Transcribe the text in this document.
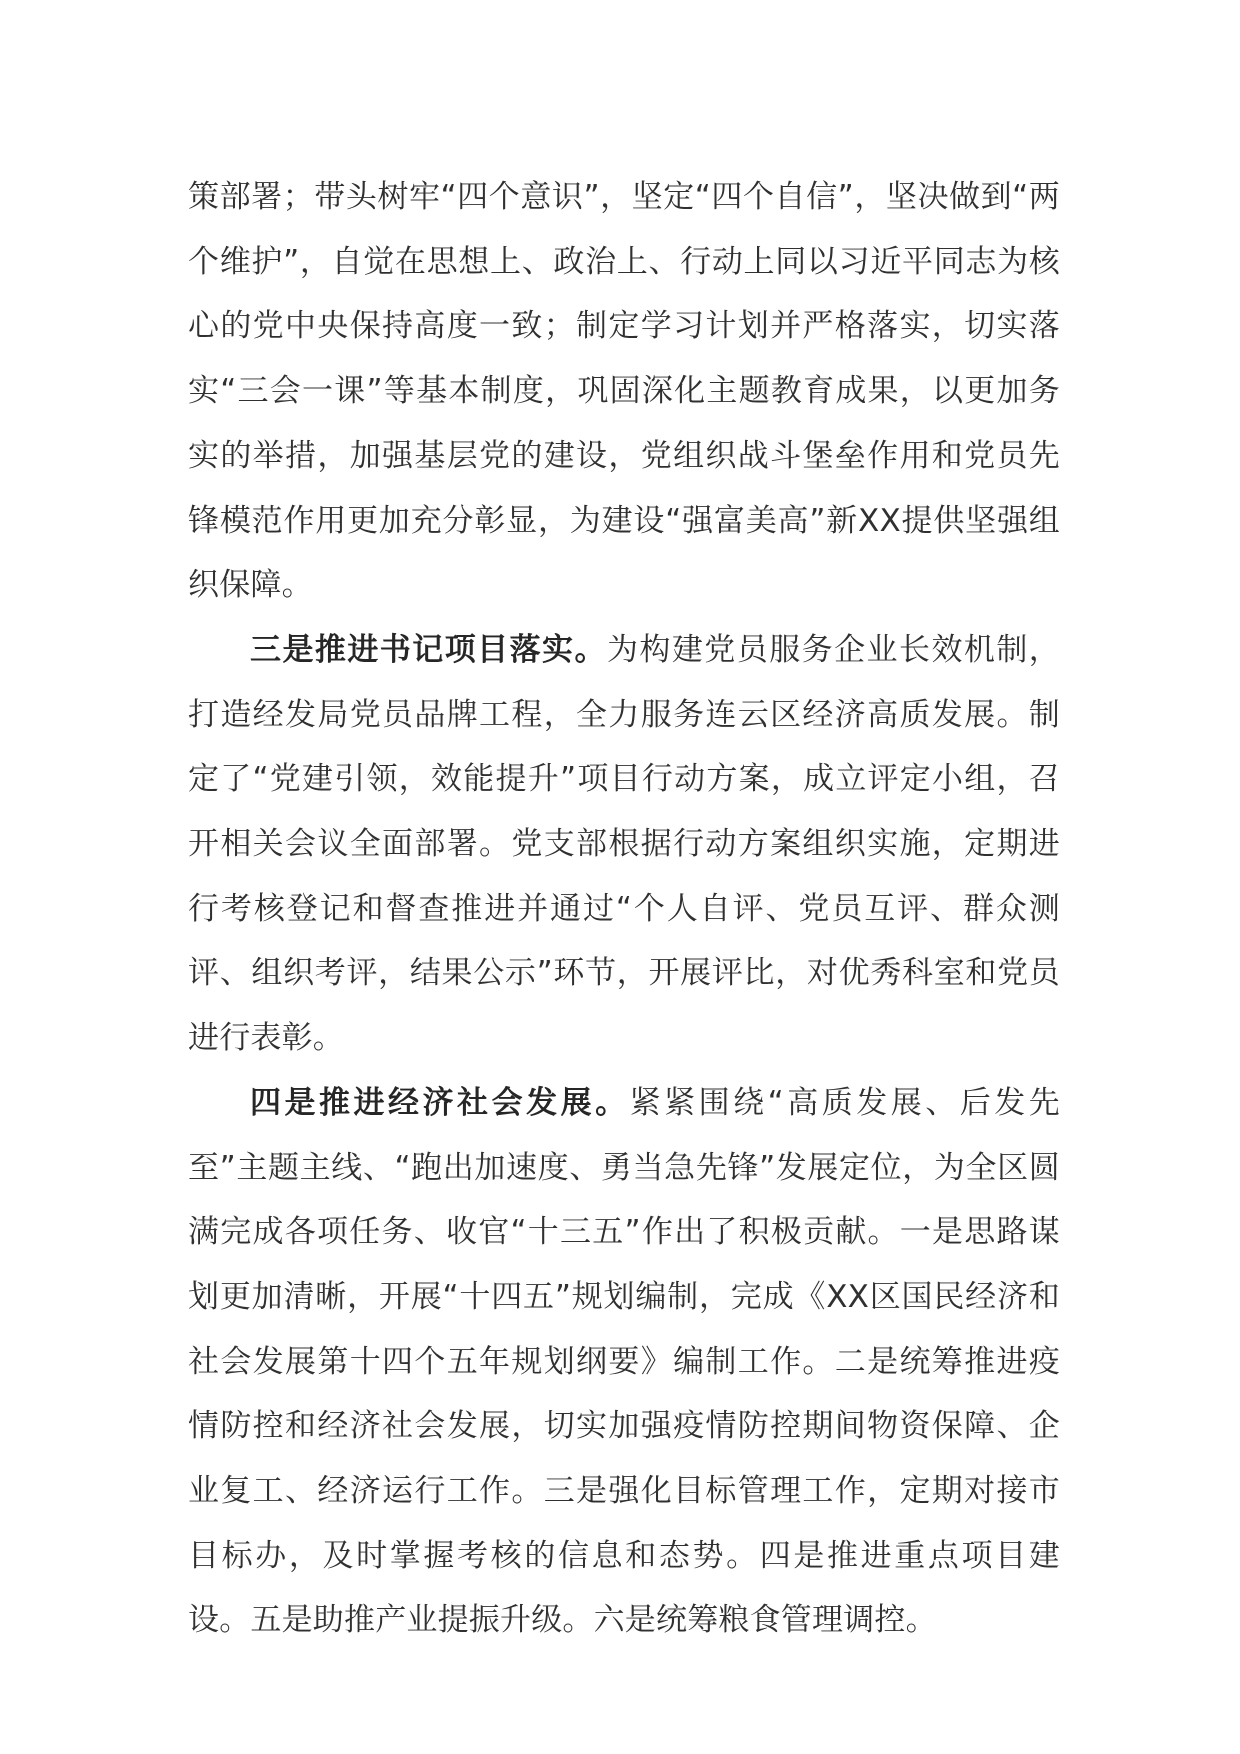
策部署；带头树牢“四个意识”，坚定“四个自信”，坚决做到“两个维护”，自觉在思想上、政治上、行动上同以习近平同志为核心的党中央保持高度一致；制定学习计划并严格落实，切实落实“三会一课”等基本制度，巩固深化主题教育成果，以更加务实的举措，加强基层党的建设，党组织战斗堡垒作用和党员先锋模范作用更加充分彰显，为建设“强富美高”新XX提供坚强组织保障。

三是推进书记项目落实。为构建党员服务企业长效机制，打造经发局党员品牌工程，全力服务连云区经济高质发展。制定了“党建引领，效能提升”项目行动方案，成立评定小组，召开相关会议全面部署。党支部根据行动方案组织实施，定期进行考核登记和督查推进并通过“个人自评、党员互评、群众测评、组织考评，结果公示”环节，开展评比，对优秀科室和党员进行表彰。

四是推进经济社会发展。紧紧围绕“高质发展、后发先至”主题主线、“跑出加速度、勇当急先锋”发展定位，为全区圆满完成各项任务、收官“十三五”作出了积极贡献。一是思路谋划更加清晰，开展“十四五”规划编制，完成《XX区国民经济和社会发展第十四个五年规划纲要》编制工作。二是统筹推进疫情防控和经济社会发展，切实加强疫情防控期间物资保障、企业复工、经济运行工作。三是强化目标管理工作，定期对接市目标办，及时掌握考核的信息和态势。四是推进重点项目建设。五是助推产业提振升级。六是统筹粮食管理调控。
